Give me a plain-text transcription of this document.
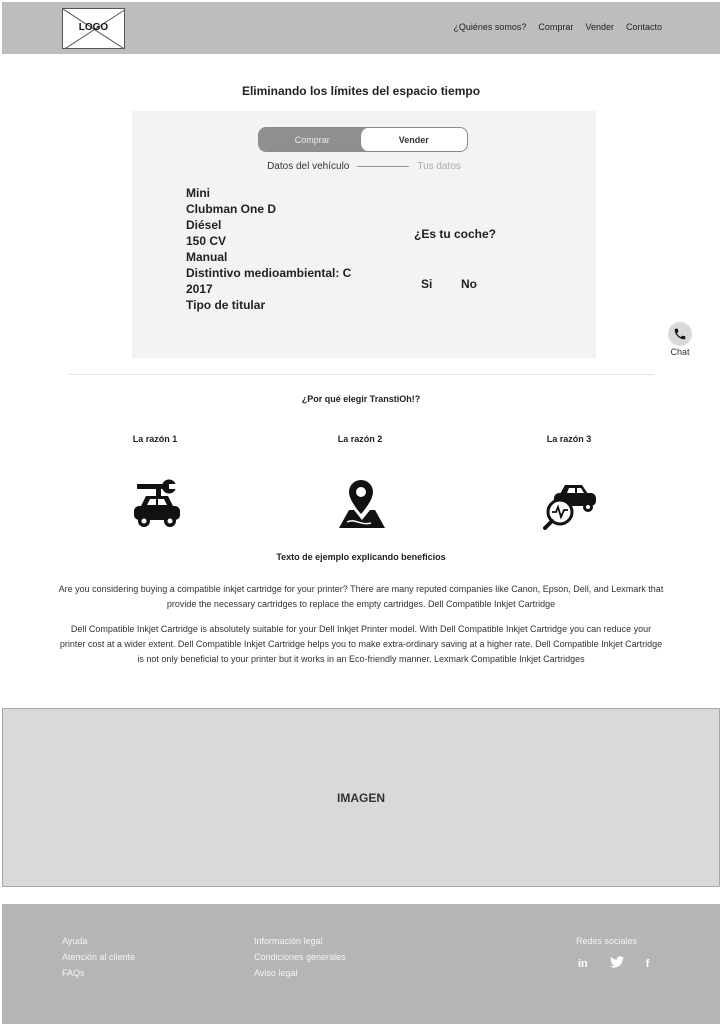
LOGO	¿Quiénes somos? Comprar Vender Contacto
Eliminando los límites del espacio tiempo
Comprar	Vender
Datos del vehículo	Tus datos
Mini
Clubman One D
Diésel
150 CV
Manual
Distintivo medioambiental: C
2017
Tipo de titular
¿Es tu coche?
Si No
Chat
¿Por qué elegir TranstiOh!?
La razón 1	La razón 2	La razón 3
Texto de ejemplo explicando beneficios

Are you considering buying a compatible inkjet cartridge for your printer? There are many reputed companies like Canon, Epson, Dell, and Lexmark that provide the necessary cartridges to replace the empty cartridges. Dell Compatible Inkjet Cartridge

Dell Compatible Inkjet Cartridge is absolutely suitable for your Dell Inkjet Printer model. With Dell Compatible Inkjet Cartridge you can reduce your printer cost at a wider extent. Dell Compatible Inkjet Cartridge helps you to make extra-ordinary saving at a higher rate. Dell Compatible Inkjet Cartridge is not only beneficial to your printer but it works in an Eco-friendly manner. Lexmark Compatible Inkjet Cartridges

IMAGEN
Ayuda
Atención al cliente
FAQs
Información legal
Condiciones generales
Aviso legal
Redes sociales
in	f
